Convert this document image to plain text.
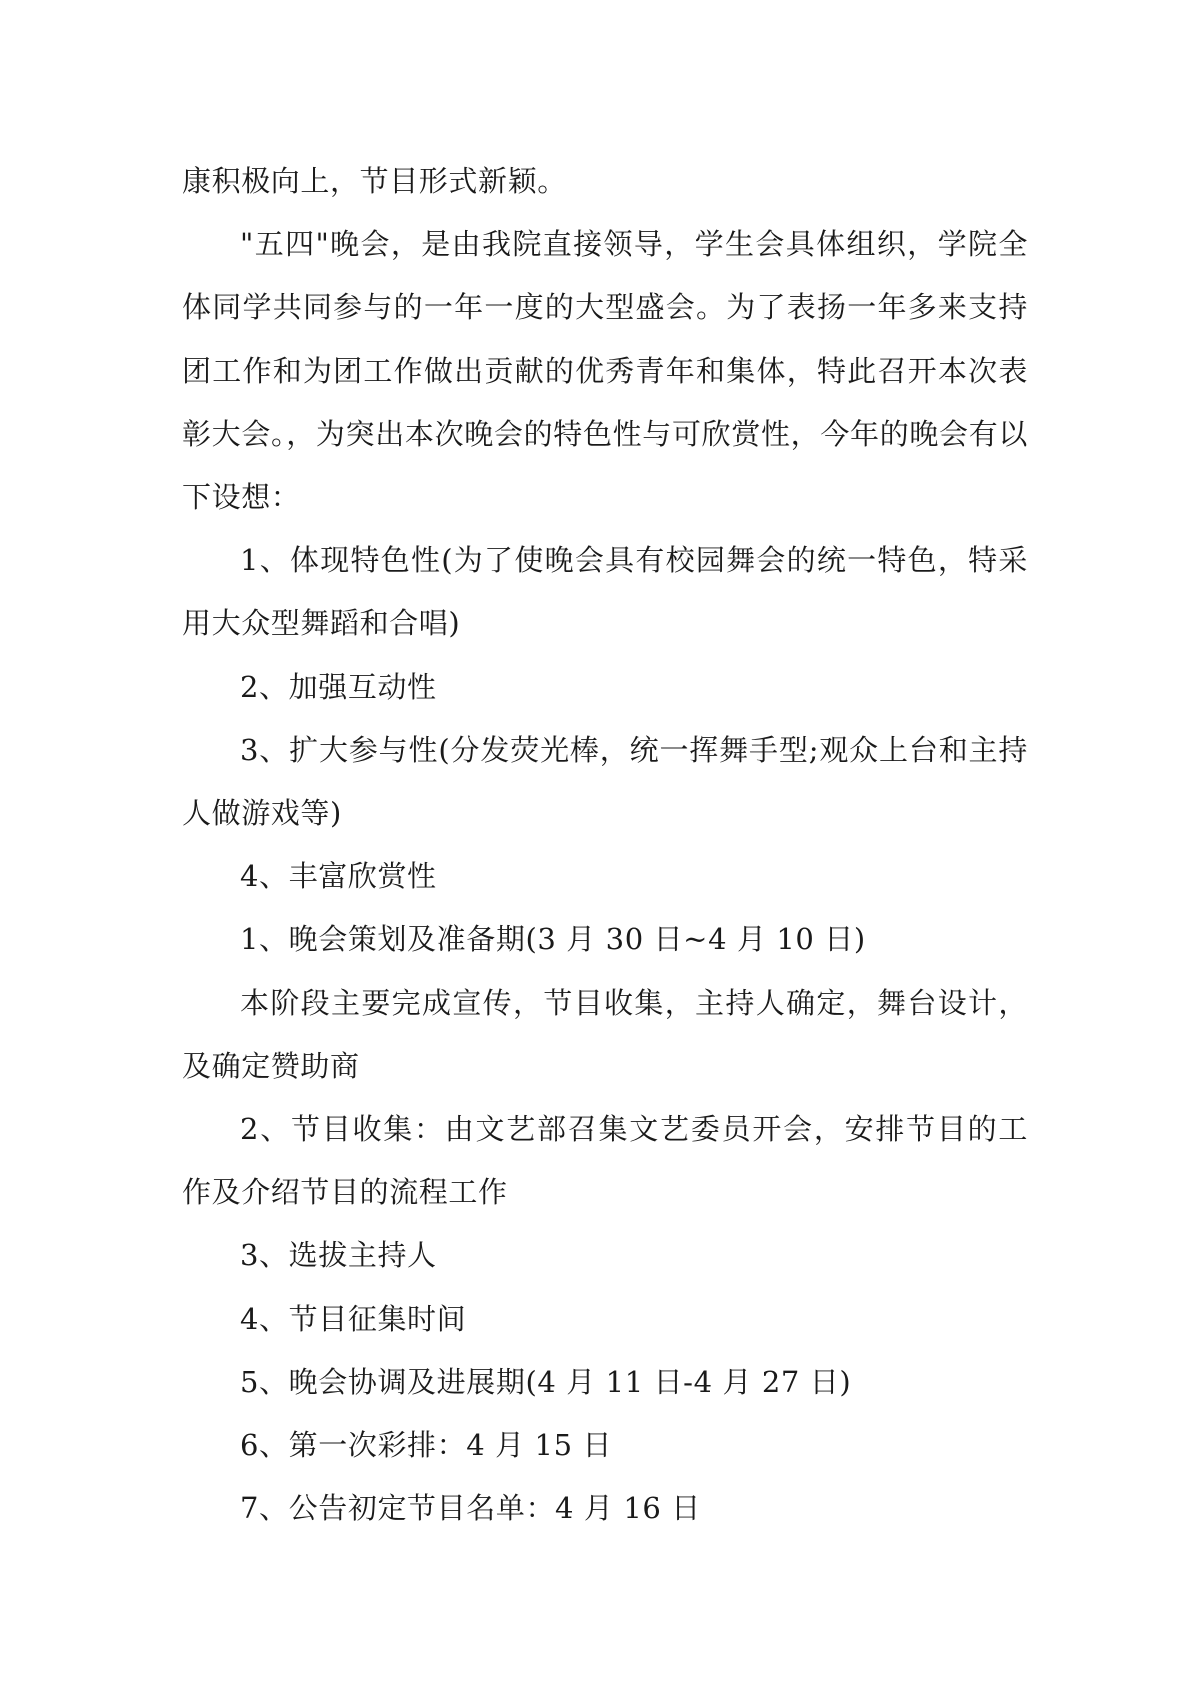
康积极向上，节目形式新颖。

"五四"晚会，是由我院直接领导，学生会具体组织，学院全体同学共同参与的一年一度的大型盛会。为了表扬一年多来支持团工作和为团工作做出贡献的优秀青年和集体，特此召开本次表彰大会。，为突出本次晚会的特色性与可欣赏性，今年的晚会有以下设想：

1、体现特色性(为了使晚会具有校园舞会的统一特色，特采用大众型舞蹈和合唱)

2、加强互动性

3、扩大参与性(分发荧光棒，统一挥舞手型;观众上台和主持人做游戏等)

4、丰富欣赏性

1、晚会策划及准备期(3 月 30 日~4 月 10 日)

本阶段主要完成宣传，节目收集，主持人确定，舞台设计，及确定赞助商

2、节目收集：由文艺部召集文艺委员开会，安排节目的工作及介绍节目的流程工作

3、选拔主持人

4、节目征集时间

5、晚会协调及进展期(4 月 11 日-4 月 27 日)

6、第一次彩排：4 月 15 日

7、公告初定节目名单：4 月 16 日
